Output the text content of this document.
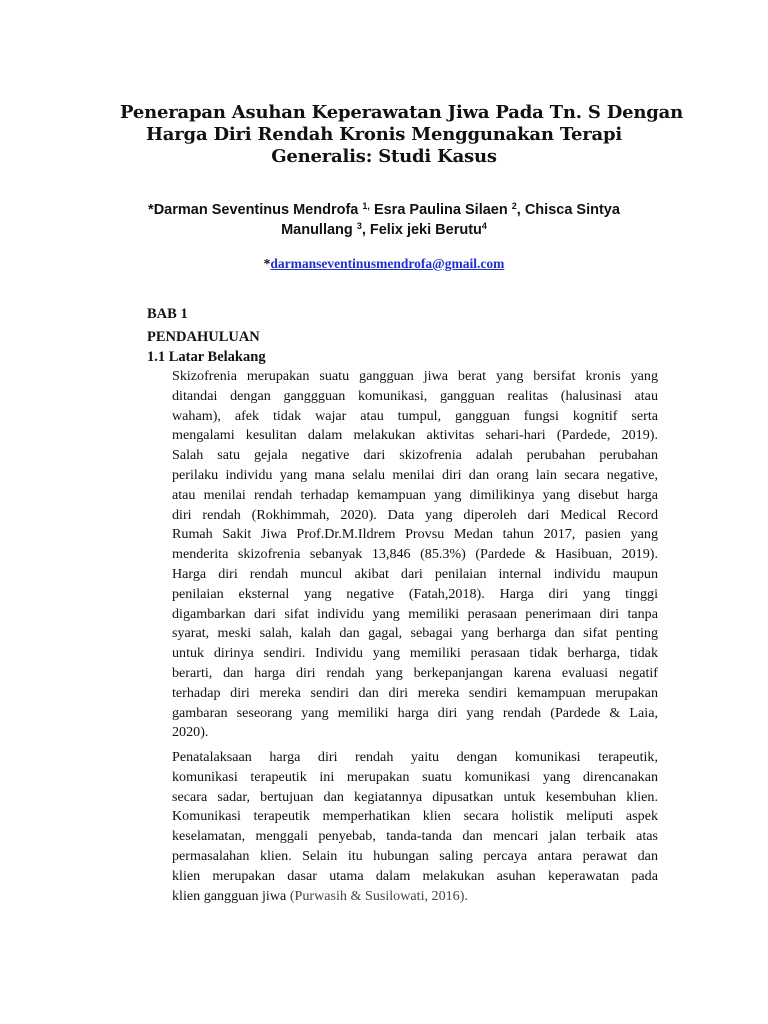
Penerapan Asuhan Keperawatan Jiwa Pada Tn. S Dengan
Harga Diri Rendah Kronis Menggunakan Terapi
Generalis: Studi Kasus
*Darman Seventinus Mendrofa $^{1,}$ Esra Paulina Silaen $^2$, Chisca Sintya
Manullang $^3$, Felix jeki Berutu$^4$
*darmanseventinusmendrofa@gmail.com
BAB 1
PENDAHULUAN
1.1 Latar Belakang
Skizofrenia merupakan suatu gangguan jiwa berat yang bersifat kronis yang
ditandai dengan ganggguan komunikasi, gangguan realitas (halusinasi atau
waham), afek tidak wajar atau tumpul, gangguan fungsi kognitif serta
mengalami kesulitan dalam melakukan aktivitas sehari-hari (Pardede, 2019).
Salah satu gejala negative dari skizofrenia adalah perubahan perubahan
perilaku individu yang mana selalu menilai diri dan orang lain secara negative,
atau menilai rendah terhadap kemampuan yang dimilikinya yang disebut harga
diri rendah (Rokhimmah, 2020). Data yang diperoleh dari Medical Record
Rumah Sakit Jiwa Prof.Dr.M.Ildrem Provsu Medan tahun 2017, pasien yang
menderita skizofrenia sebanyak 13,846 (85.3%) (Pardede & Hasibuan, 2019).
Harga diri rendah muncul akibat dari penilaian internal individu maupun
penilaian eksternal yang negative (Fatah,2018). Harga diri yang tinggi
digambarkan dari sifat individu yang memiliki perasaan penerimaan diri tanpa
syarat, meski salah, kalah dan gagal, sebagai yang berharga dan sifat penting
untuk dirinya sendiri. Individu yang memiliki perasaan tidak berharga, tidak
berarti, dan harga diri rendah yang berkepanjangan karena evaluasi negatif
terhadap diri mereka sendiri dan diri mereka sendiri kemampuan merupakan
gambaran seseorang yang memiliki harga diri yang rendah (Pardede & Laia,
2020).
Penatalaksaan harga diri rendah yaitu dengan komunikasi terapeutik,
komunikasi terapeutik ini merupakan suatu komunikasi yang direncanakan
secara sadar, bertujuan dan kegiatannya dipusatkan untuk kesembuhan klien.
Komunikasi terapeutik memperhatikan klien secara holistik meliputi aspek
keselamatan, menggali penyebab, tanda-tanda dan mencari jalan terbaik atas
permasalahan klien. Selain itu hubungan saling percaya antara perawat dan
klien merupakan dasar utama dalam melakukan asuhan keperawatan pada
klien gangguan jiwa (Purwasih & Susilowati, 2016).
